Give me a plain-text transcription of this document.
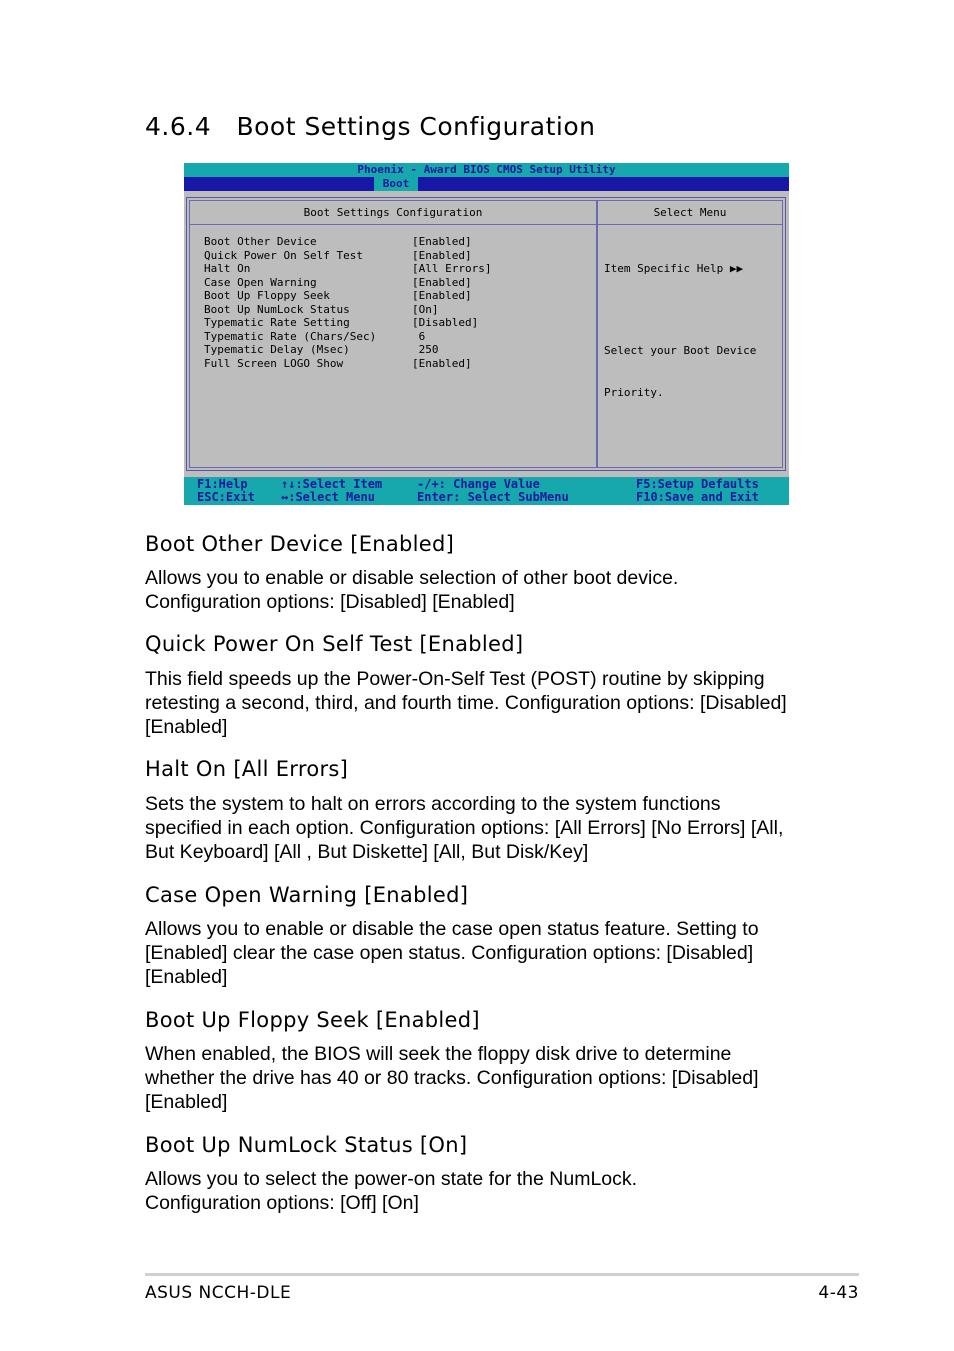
4.6.4   Boot Settings Configuration
Phoenix - Award BIOS CMOS Setup Utility
Boot
Boot Settings Configuration
Boot Other Device	[Enabled]
Quick Power On Self Test	[Enabled]
Halt On	[All Errors]
Case Open Warning	[Enabled]
Boot Up Floppy Seek	[Enabled]
Boot Up NumLock Status	[On]
Typematic Rate Setting	[Disabled]
Typematic Rate (Chars/Sec)	6
Typematic Delay (Msec)	250
Full Screen LOGO Show	[Enabled]
Select Menu

Item Specific Help ▶▶

Select your Boot Device

Priority.

F1:Help
ESC:Exit
↑↓:Select Item
↔:Select Menu
-/+: Change Value
Enter: Select SubMenu
F5:Setup Defaults
F10:Save and Exit
Boot Other Device [Enabled]
Allows you to enable or disable selection of other boot device.
Configuration options: [Disabled] [Enabled]
Quick Power On Self Test [Enabled]
This field speeds up the Power-On-Self Test (POST) routine by skipping
retesting a second, third, and fourth time. Configuration options: [Disabled]
[Enabled]
Halt On [All Errors]
Sets the system to halt on errors according to the system functions
specified in each option. Configuration options: [All Errors] [No Errors] [All,
But Keyboard] [All , But Diskette] [All, But Disk/Key]
Case Open Warning [Enabled]
Allows you to enable or disable the case open status feature. Setting to
[Enabled] clear the case open status. Configuration options: [Disabled]
[Enabled]
Boot Up Floppy Seek [Enabled]
When enabled, the BIOS will seek the floppy disk drive to determine
whether the drive has 40 or 80 tracks. Configuration options: [Disabled]
[Enabled]
Boot Up NumLock Status [On]
Allows you to select the power-on state for the NumLock.
Configuration options: [Off] [On]
ASUS NCCH-DLE	4-43
